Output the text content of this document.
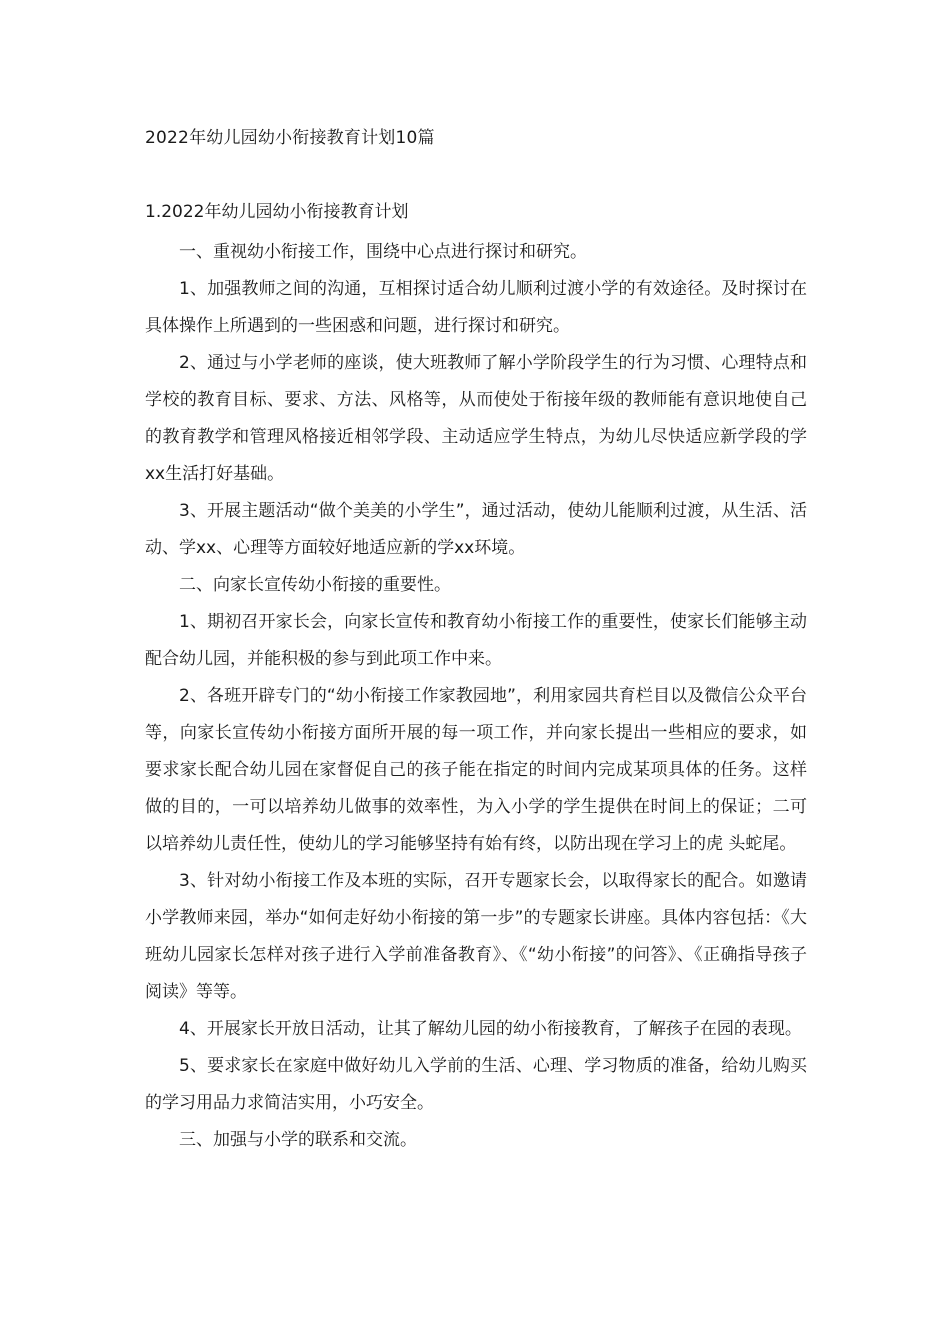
2022年幼儿园幼小衔接教育计划10篇
1.2022年幼儿园幼小衔接教育计划

一、重视幼小衔接工作，围绕中心点进行探讨和研究。

1、加强教师之间的沟通，互相探讨适合幼儿顺利过渡小学的有效途径。及时探讨在具体操作上所遇到的一些困惑和问题，进行探讨和研究。

2、通过与小学老师的座谈，使大班教师了解小学阶段学生的行为习惯、心理特点和学校的教育目标、要求、方法、风格等，从而使处于衔接年级的教师能有意识地使自己的教育教学和管理风格接近相邻学段、主动适应学生特点，为幼儿尽快适应新学段的学xx生活打好基础。

3、开展主题活动“做个美美的小学生”，通过活动，使幼儿能顺利过渡，从生活、活动、学xx、心理等方面较好地适应新的学xx环境。

二、向家长宣传幼小衔接的重要性。

1、期初召开家长会，向家长宣传和教育幼小衔接工作的重要性，使家长们能够主动配合幼儿园，并能积极的参与到此项工作中来。

2、各班开辟专门的“幼小衔接工作家教园地”，利用家园共育栏目以及微信公众平台等，向家长宣传幼小衔接方面所开展的每一项工作，并向家长提出一些相应的要求，如要求家长配合幼儿园在家督促自己的孩子能在指定的时间内完成某项具体的任务。这样做的目的，一可以培养幼儿做事的效率性，为入小学的学生提供在时间上的保证；二可以培养幼儿责任性，使幼儿的学习能够坚持有始有终，以防出现在学习上的虎 头蛇尾。

3、针对幼小衔接工作及本班的实际，召开专题家长会，以取得家长的配合。如邀请小学教师来园，举办“如何走好幼小衔接的第一步”的专题家长讲座。具体内容包括：《大班幼儿园家长怎样对孩子进行入学前准备教育》、《“幼小衔接”的问答》、《正确指导孩子阅读》等等。

4、开展家长开放日活动，让其了解幼儿园的幼小衔接教育，了解孩子在园的表现。

5、要求家长在家庭中做好幼儿入学前的生活、心理、学习物质的准备，给幼儿购买的学习用品力求简洁实用，小巧安全。

三、加强与小学的联系和交流。
